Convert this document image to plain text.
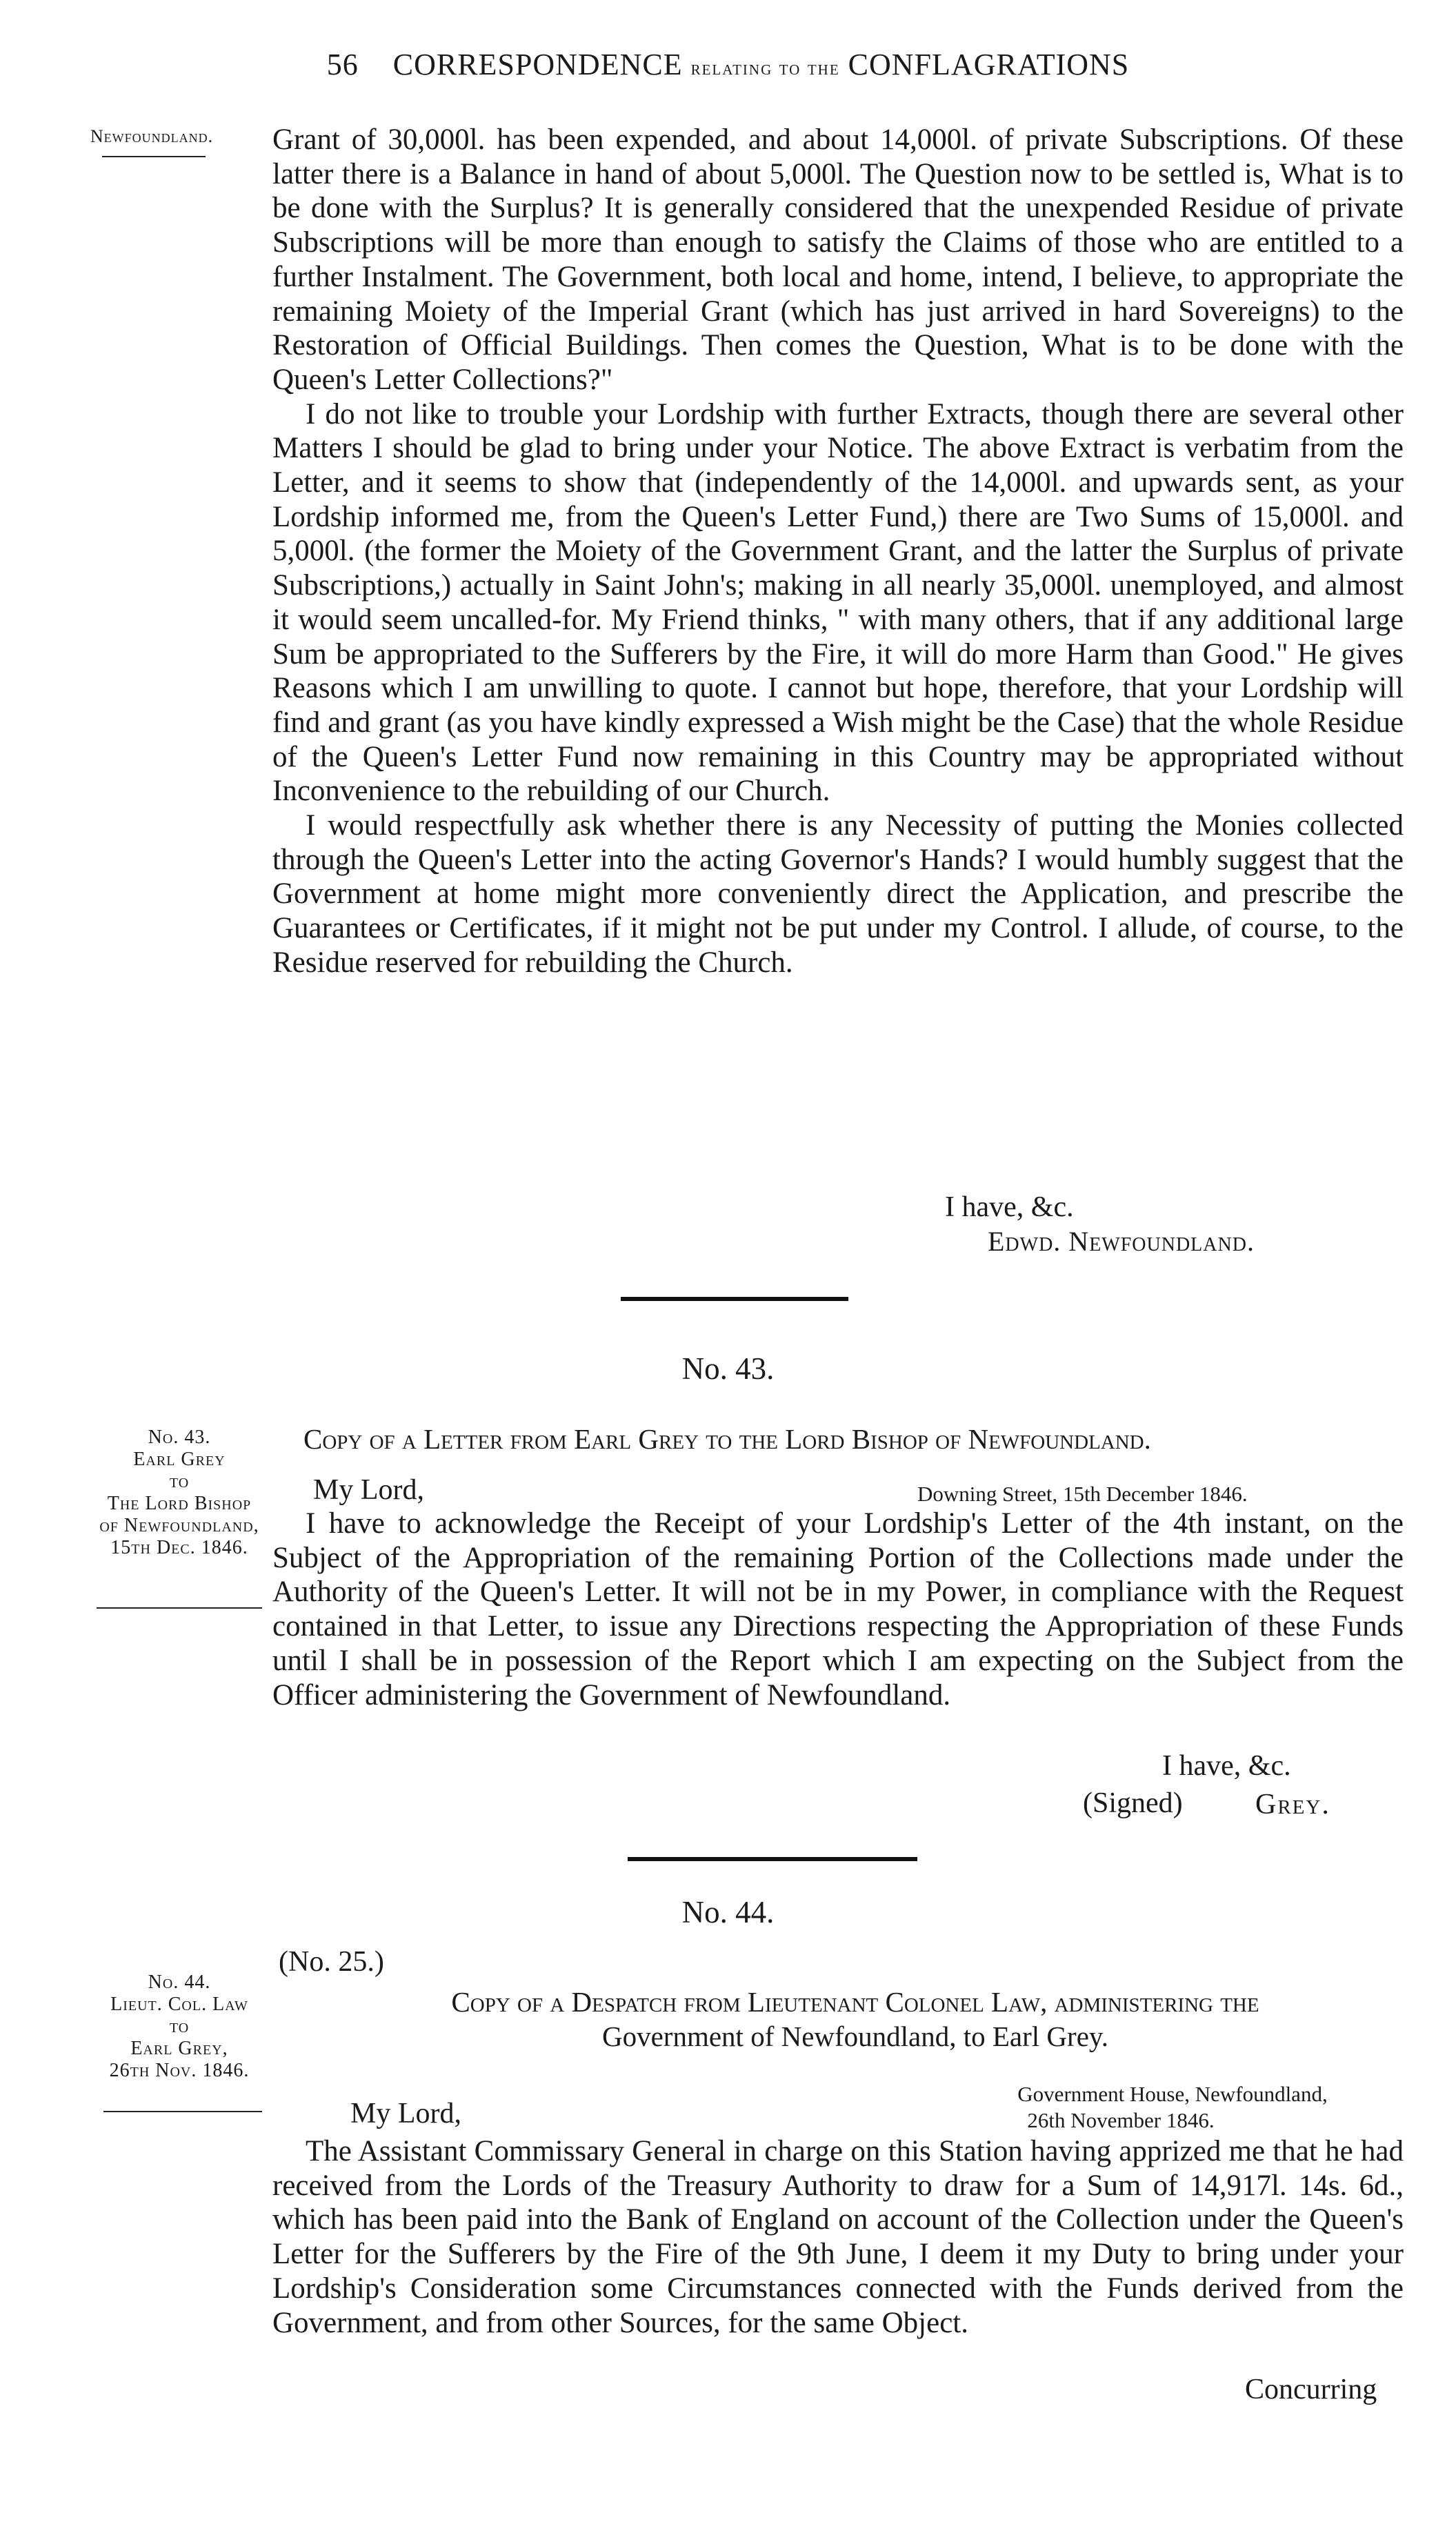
56 CORRESPONDENCE relating to the CONFLAGRATIONS
Newfoundland.	Grant of 30,000l. has been expended, and about 14,000l. of private Subscriptions. Of these latter there is a Balance in hand of about 5,000l. The Question now to be settled is, What is to be done with the Surplus? It is generally considered that the unexpended Residue of private Subscriptions will be more than enough to satisfy the Claims of those who are entitled to a further Instalment. The Government, both local and home, intend, I believe, to appropriate the remaining Moiety of the Imperial Grant (which has just arrived in hard Sovereigns) to the Restoration of Official Buildings. Then comes the Question, What is to be done with the Queen's Letter Collections?"

I do not like to trouble your Lordship with further Extracts, though there are several other Matters I should be glad to bring under your Notice. The above Extract is verbatim from the Letter, and it seems to show that (independently of the 14,000l. and upwards sent, as your Lordship informed me, from the Queen's Letter Fund,) there are Two Sums of 15,000l. and 5,000l. (the former the Moiety of the Government Grant, and the latter the Surplus of private Subscriptions,) actually in Saint John's; making in all nearly 35,000l. unemployed, and almost it would seem uncalled-for. My Friend thinks, " with many others, that if any additional large Sum be appropriated to the Sufferers by the Fire, it will do more Harm than Good." He gives Reasons which I am unwilling to quote. I cannot but hope, therefore, that your Lordship will find and grant (as you have kindly expressed a Wish might be the Case) that the whole Residue of the Queen's Letter Fund now remaining in this Country may be appropriated without Inconvenience to the rebuilding of our Church.

I would respectfully ask whether there is any Necessity of putting the Monies collected through the Queen's Letter into the acting Governor's Hands? I would humbly suggest that the Government at home might more conveniently direct the Application, and prescribe the Guarantees or Certificates, if it might not be put under my Control. I allude, of course, to the Residue reserved for rebuilding the Church.

I have, &c.
Edwd. Newfoundland.
No. 43.
No. 43.
Earl Grey
to
The Lord Bishop
of Newfoundland,
15th Dec. 1846.
Copy of a Letter from Earl Grey to the Lord Bishop of Newfoundland.
My Lord,	Downing Street, 15th December 1846.

I have to acknowledge the Receipt of your Lordship's Letter of the 4th instant, on the Subject of the Appropriation of the remaining Portion of the Collections made under the Authority of the Queen's Letter. It will not be in my Power, in compliance with the Request contained in that Letter, to issue any Directions respecting the Appropriation of these Funds until I shall be in possession of the Report which I am expecting on the Subject from the Officer administering the Government of Newfoundland.

I have, &c.
(Signed)	Grey.
No. 44.
(No. 25.)
No. 44.
Lieut. Col. Law
to
Earl Grey,
26th Nov. 1846.
Copy of a Despatch from Lieutenant Colonel Law, administering the
Government of Newfoundland, to Earl Grey.
Government House, Newfoundland,
26th November 1846.
My Lord,

The Assistant Commissary General in charge on this Station having apprized me that he had received from the Lords of the Treasury Authority to draw for a Sum of 14,917l. 14s. 6d., which has been paid into the Bank of England on account of the Collection under the Queen's Letter for the Sufferers by the Fire of the 9th June, I deem it my Duty to bring under your Lordship's Consideration some Circumstances connected with the Funds derived from the Government, and from other Sources, for the same Object.

Concurring
